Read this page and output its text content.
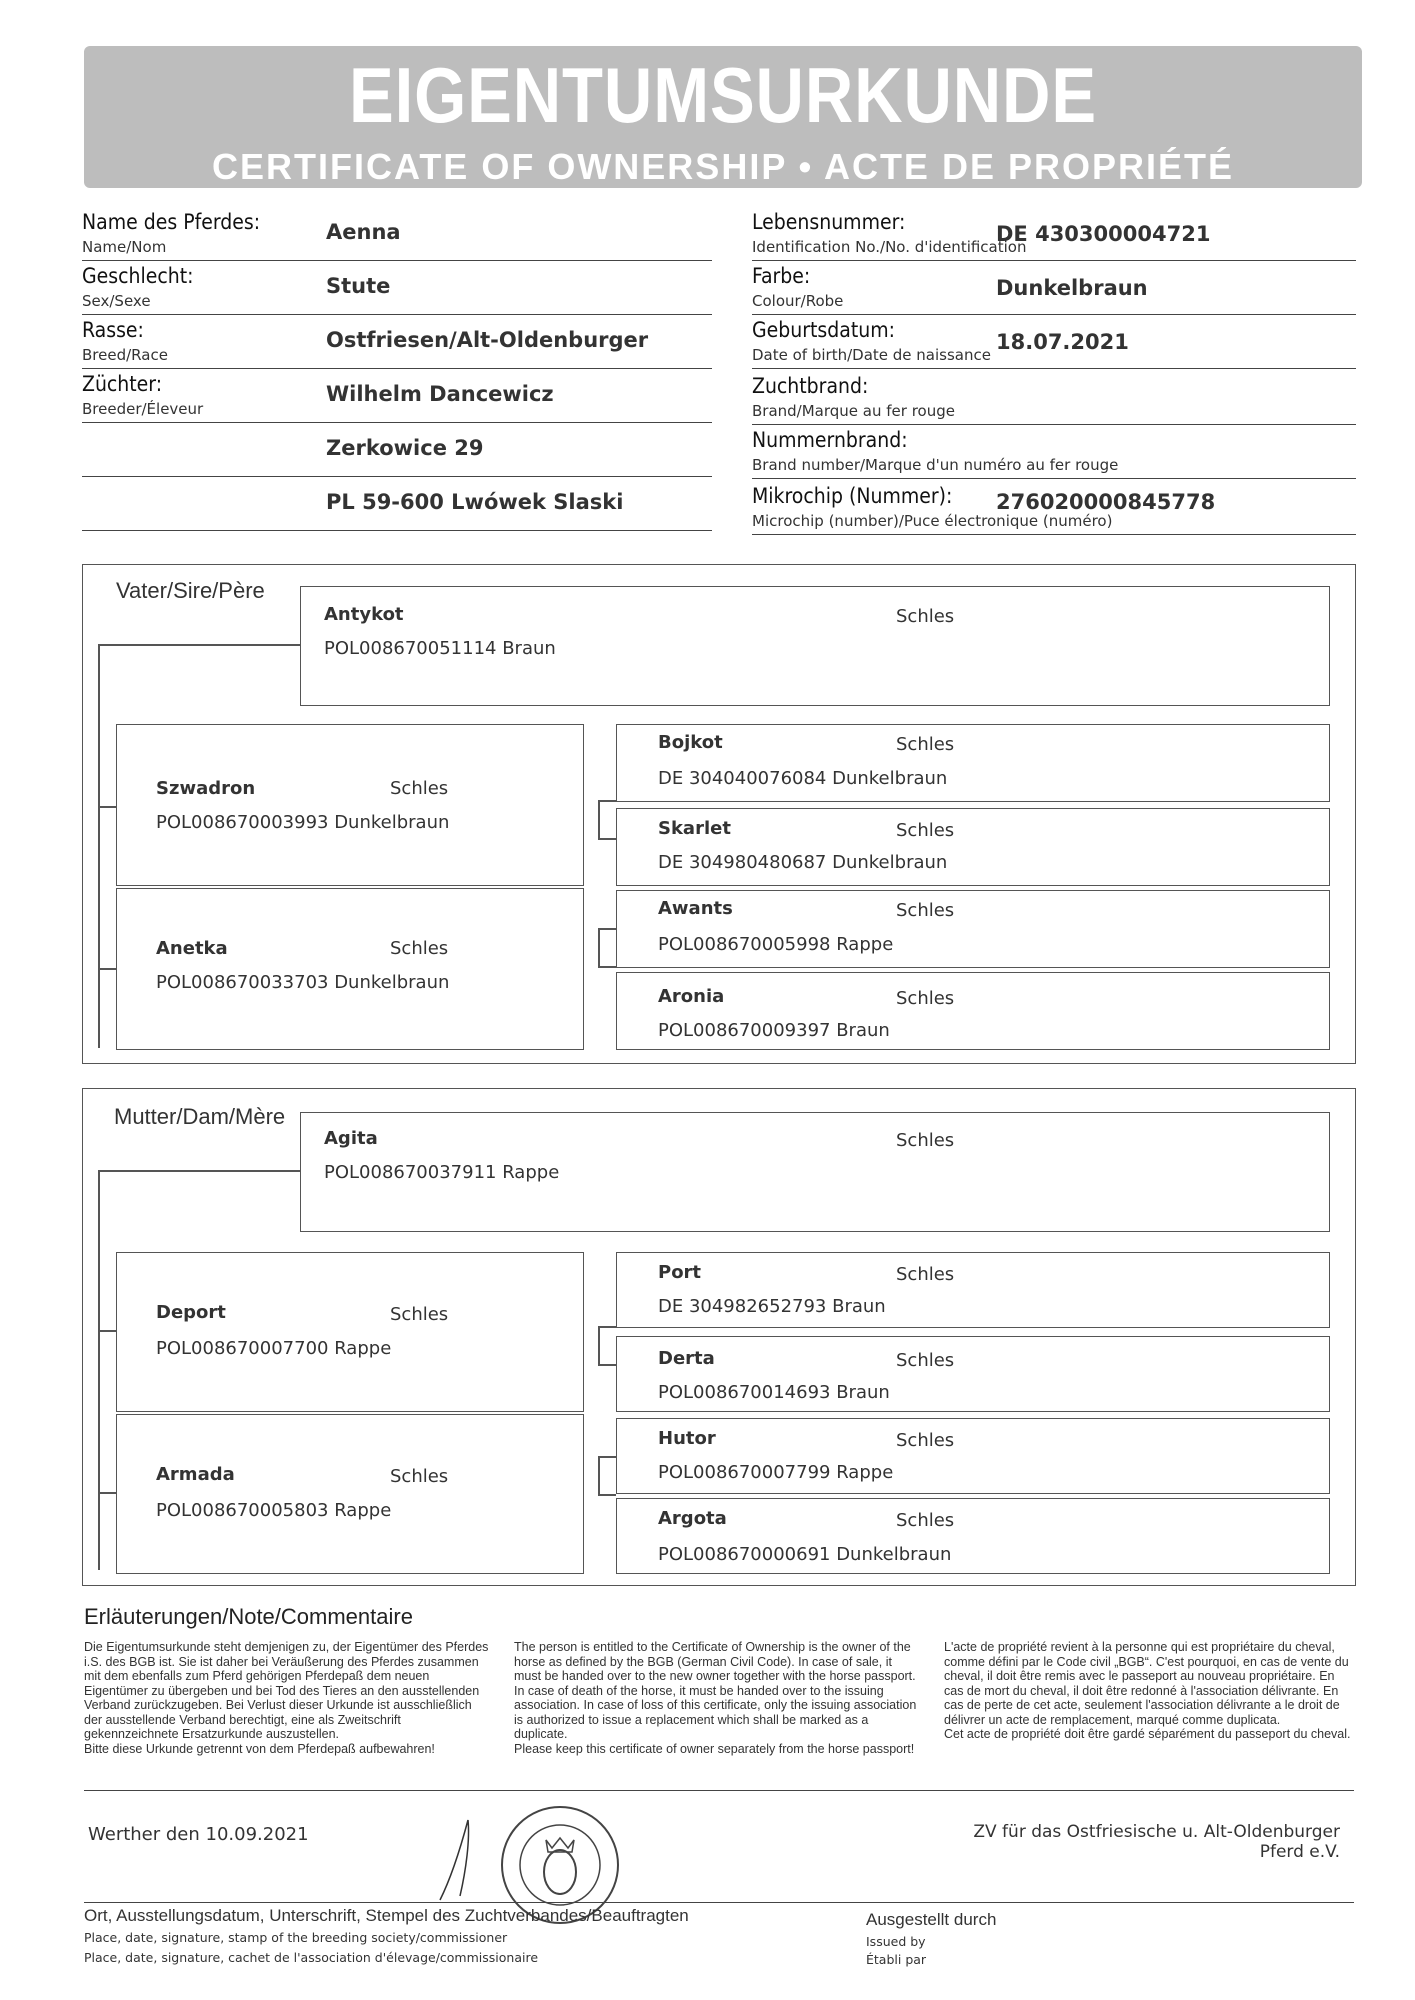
EIGENTUMSURKUNDE
CERTIFICATE OF OWNERSHIP • ACTE DE PROPRIÉTÉ
Name des Pferdes:
Name/Nom
Aenna
Geschlecht:
Sex/Sexe
Stute
Rasse:
Breed/Race
Ostfriesen/Alt-Oldenburger
Züchter:
Breeder/Éleveur
Wilhelm Dancewicz
Zerkowice 29
PL 59-600 Lwówek Slaski
Lebensnummer:	DE 430300004721
Identification No./No. d'identification
Farbe:
Colour/Robe
Dunkelbraun
Geburtsdatum:	18.07.2021
Date of birth/Date de naissance
Zuchtbrand:
Brand/Marque au fer rouge
Nummernbrand:
Brand number/Marque d'un numéro au fer rouge
Mikrochip (Nummer): 276020000845778
Microchip (number)/Puce électronique (numéro)
Vater/Sire/Père
Antykot	Schles
POL008670051114 Braun
Szwadron	Schles
POL008670003993 Dunkelbraun
Anetka	Schles
POL008670033703 Dunkelbraun
Bojkot	Schles
DE 304040076084 Dunkelbraun
Skarlet	Schles
DE 304980480687 Dunkelbraun
Awants	Schles
POL008670005998 Rappe
Aronia	Schles
POL008670009397 Braun
Mutter/Dam/Mère
Agita	Schles
POL008670037911 Rappe
Deport	Schles
POL008670007700 Rappe
Armada	Schles
POL008670005803 Rappe
Port	Schles
DE 304982652793 Braun
Derta	Schles
POL008670014693 Braun
Hutor	Schles
POL008670007799 Rappe
Argota	Schles
POL008670000691 Dunkelbraun
Erläuterungen/Note/Commentaire
Die Eigentumsurkunde steht demjenigen zu, der Eigentümer des Pferdes i.S. des BGB ist. Sie ist daher bei Veräußerung des Pferdes zusammen mit dem ebenfalls zum Pferd gehörigen Pferdepaß dem neuen Eigentümer zu übergeben und bei Tod des Tieres an den ausstellenden Verband zurückzugeben. Bei Verlust dieser Urkunde ist ausschließlich der ausstellende Verband berechtigt, eine als Zweitschrift gekennzeichnete Ersatzurkunde auszustellen.
Bitte diese Urkunde getrennt von dem Pferdepaß aufbewahren!
The person is entitled to the Certificate of Ownership is the owner of the horse as defined by the BGB (German Civil Code). In case of sale, it must be handed over to the new owner together with the horse passport. In case of death of the horse, it must be handed over to the issuing association. In case of loss of this certificate, only the issuing association is authorized to issue a replacement which shall be marked as a duplicate.
Please keep this certificate of owner separately from the horse passport!
L'acte de propriété revient à la personne qui est propriétaire du cheval, comme défini par le Code civil „BGB“. C'est pourquoi, en cas de vente du cheval, il doit être remis avec le passeport au nouveau propriétaire. En cas de mort du cheval, il doit être redonné à l'association délivrante. En cas de perte de cet acte, seulement l'association délivrante a le droit de délivrer un acte de remplacement, marqué comme duplicata.
Cet acte de propriété doit être gardé séparément du passeport du cheval.
Werther den 10.09.2021	ZV für das Ostfriesische u. Alt-Oldenburger
Pferd e.V.
Ort, Ausstellungsdatum, Unterschrift, Stempel des Zuchtverbandes/Beauftragten
Place, date, signature, stamp of the breeding society/commissioner
Place, date, signature, cachet de l'association d'élevage/commissionaire
Ausgestellt durch
Issued by
Établi par
